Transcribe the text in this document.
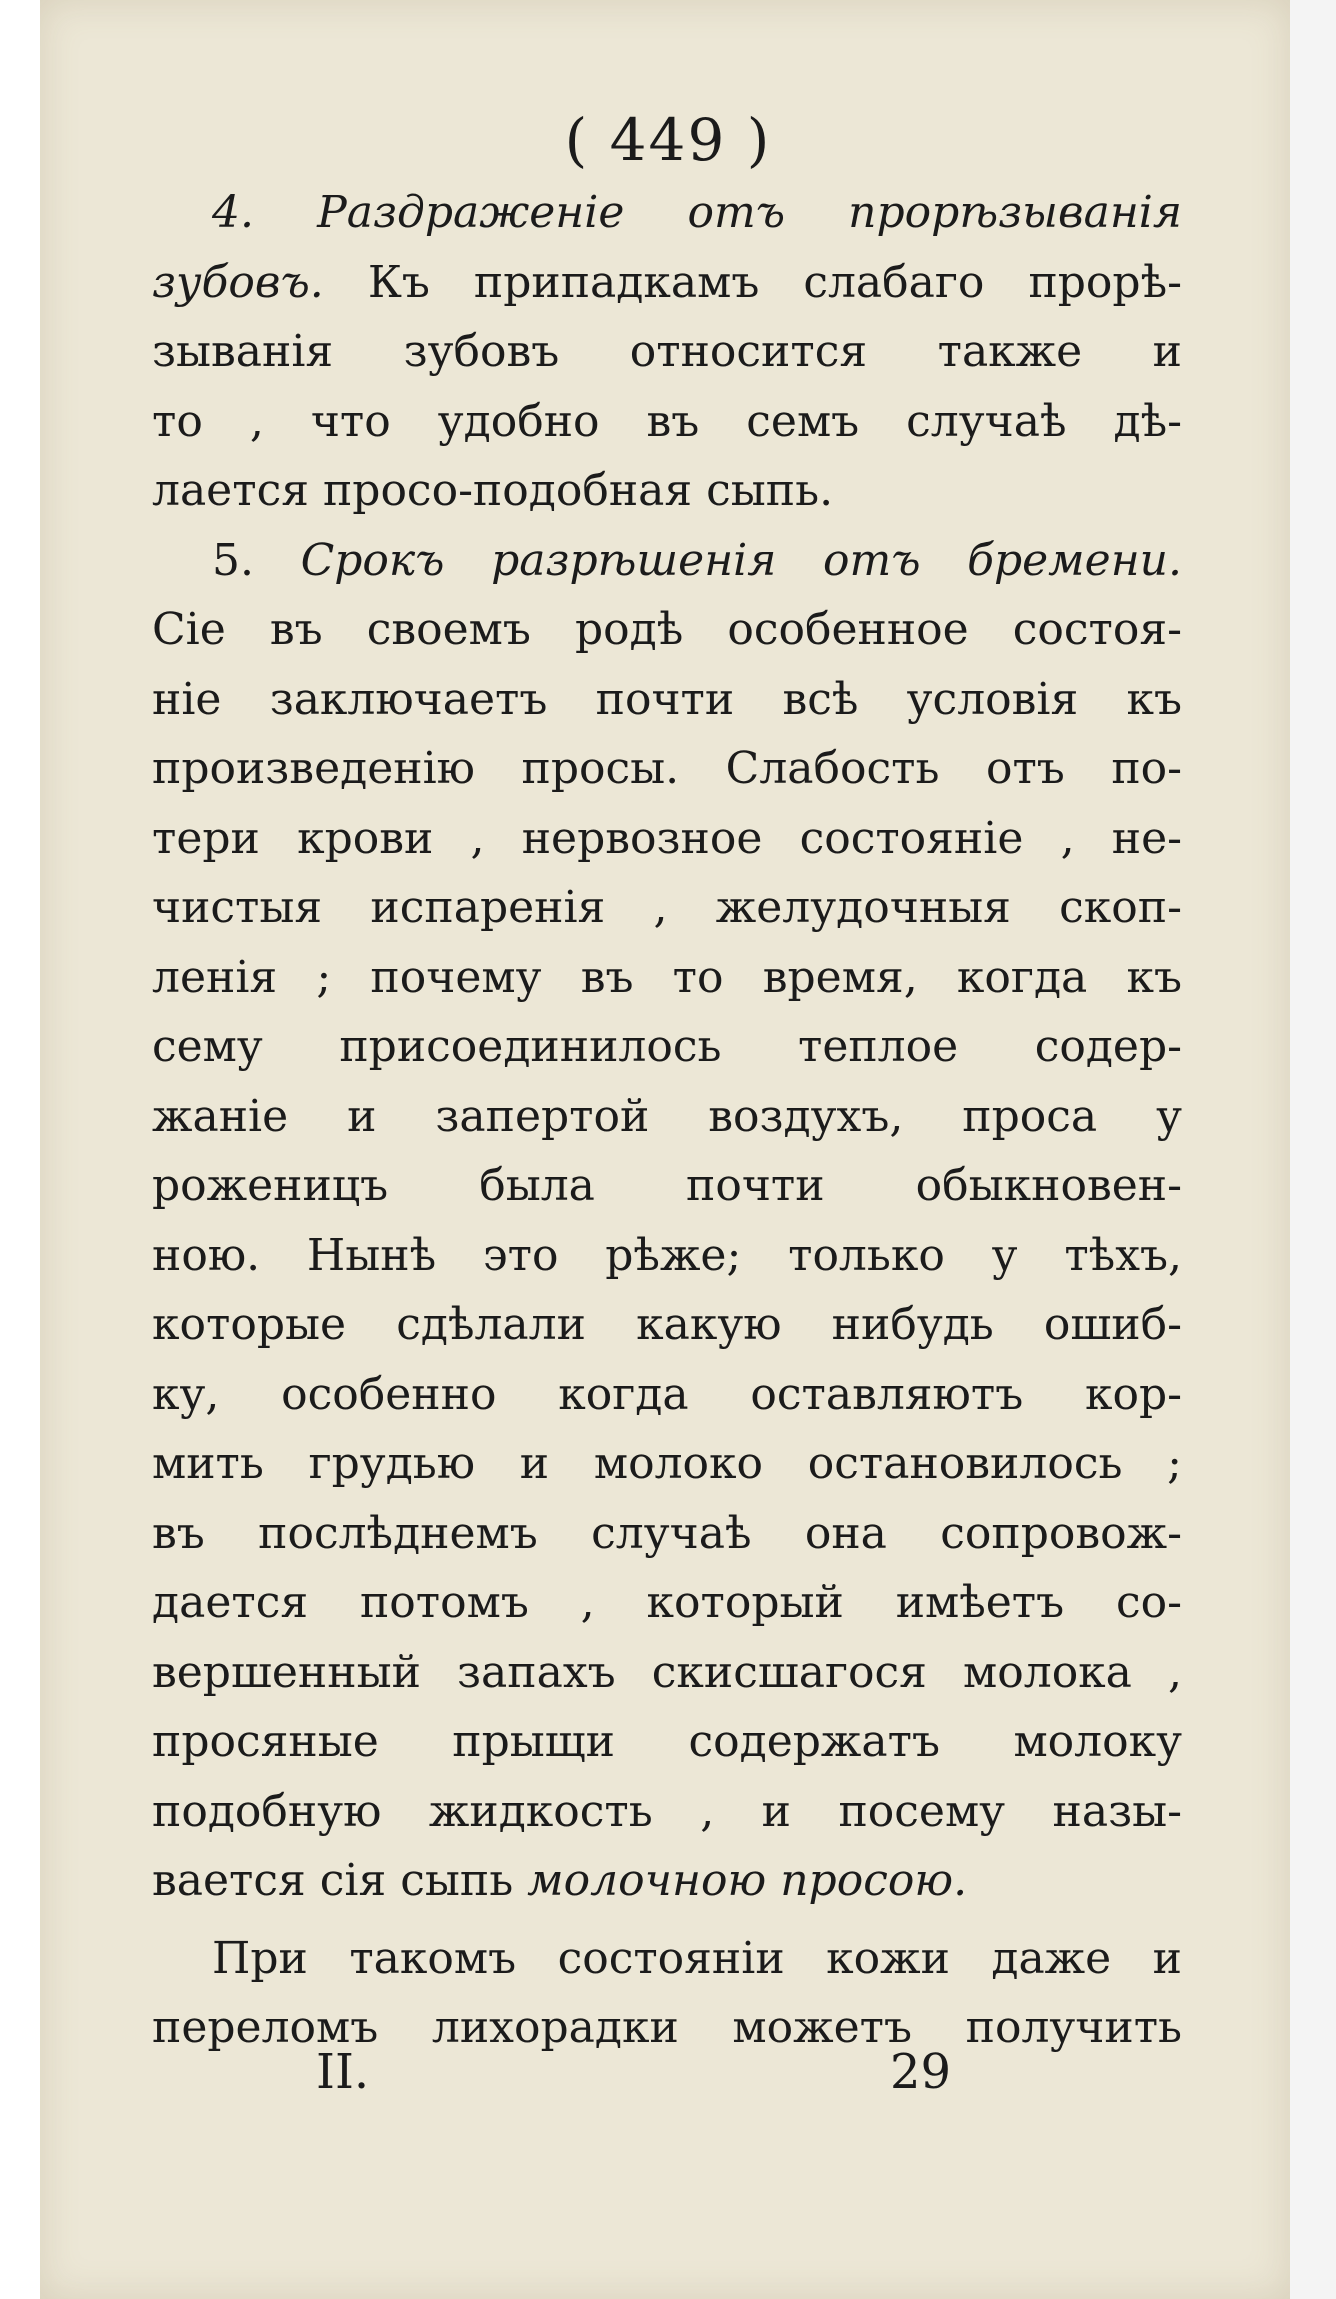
( 449 )
4. Раздраженіе отъ прорѣзыванія
зубовъ. Къ припадкамъ слабаго прорѣ-
зыванія зубовъ относится также и
то , что удобно въ семъ случаѣ дѣ-
лается просо-подобная сыпь.
5. Срокъ разрѣшенія отъ бремени.
Сіе въ своемъ родѣ особенное состоя-
ніе заключаетъ почти всѣ условія къ
произведенію просы. Слабость отъ по-
тери крови , нервозное состояніе , не-
чистыя испаренія , желудочныя скоп-
ленія ; почему въ то время, когда къ
сему присоединилось теплое содер-
жаніе и запертой воздухъ, проса у
роженицъ была почти обыкновен-
ною. Нынѣ это рѣже; только у тѣхъ,
которые сдѣлали какую нибудь ошиб-
ку, особенно когда оставляютъ кор-
мить грудью и молоко остановилось ;
въ послѣднемъ случаѣ она сопровож-
дается потомъ , который имѣетъ со-
вершенный запахъ скисшагося молока ,
просяные прыщи содержатъ молоку
подобную жидкость , и посему назы-
вается сія сыпь молочною просою.
При такомъ состояніи кожи даже и
переломъ лихорадки можетъ получить
II.	29
